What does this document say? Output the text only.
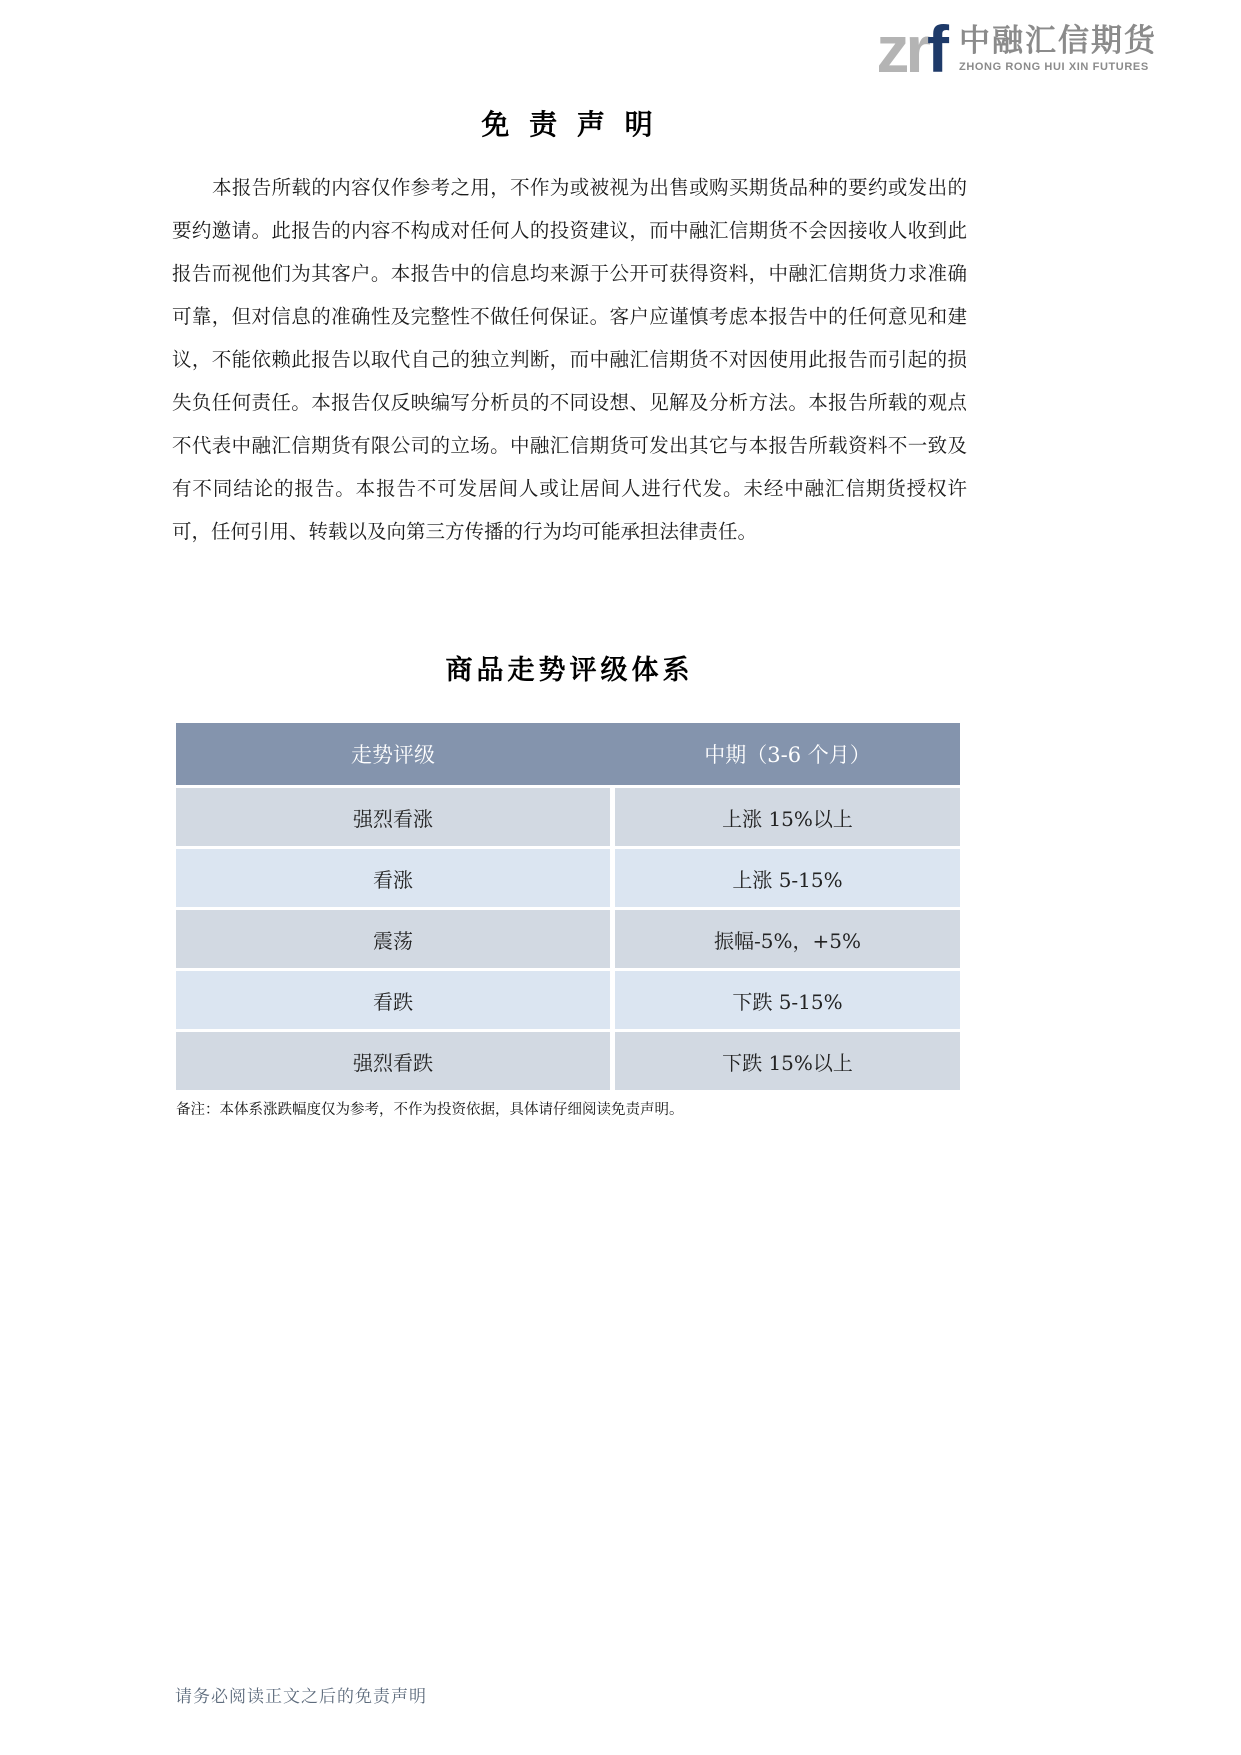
zrf 中融汇信期货
ZHONG RONG HUI XIN FUTURES
免 责 声 明
本报告所载的内容仅作参考之用，不作为或被视为出售或购买期货品种的要约或发出的要约邀请。此报告的内容不构成对任何人的投资建议，而中融汇信期货不会因接收人收到此报告而视他们为其客户。本报告中的信息均来源于公开可获得资料，中融汇信期货力求准确可靠，但对信息的准确性及完整性不做任何保证。客户应谨慎考虑本报告中的任何意见和建议，不能依赖此报告以取代自己的独立判断，而中融汇信期货不对因使用此报告而引起的损失负任何责任。本报告仅反映编写分析员的不同设想、见解及分析方法。本报告所载的观点不代表中融汇信期货有限公司的立场。中融汇信期货可发出其它与本报告所载资料不一致及有不同结论的报告。本报告不可发居间人或让居间人进行代发。未经中融汇信期货授权许可，任何引用、转载以及向第三方传播的行为均可能承担法律责任。
商品走势评级体系
走势评级		中期（3-6 个月）

强烈看涨		上涨 15%以上

看涨		上涨 5-15%

震荡		振幅-5%，+5%

看跌		下跌 5-15%

强烈看跌		下跌 15%以上
备注：本体系涨跌幅度仅为参考，不作为投资依据，具体请仔细阅读免责声明。
请务必阅读正文之后的免责声明
